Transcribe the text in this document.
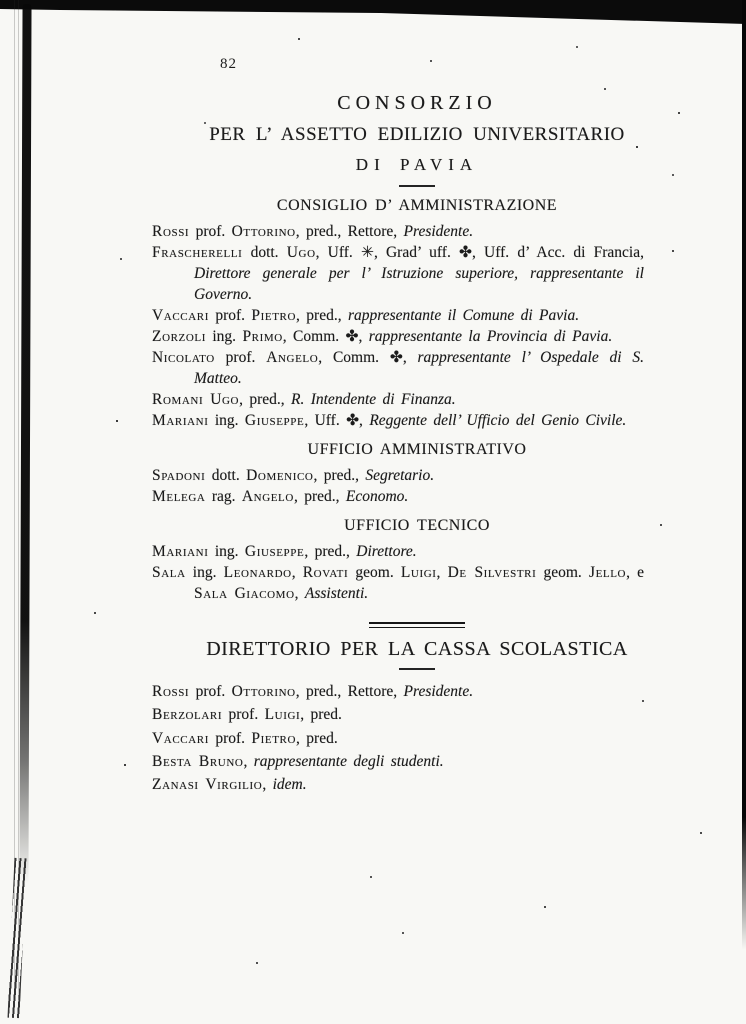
82
CONSORZIO
PER L’ ASSETTO EDILIZIO UNIVERSITARIO
DI PAVIA
CONSIGLIO D’ AMMINISTRAZIONE

Rossi prof. Ottorino, pred., Rettore, Presidente.

Frascherelli dott. Ugo, Uff. ✳, Grad’ uff. ✤, Uff. d’ Acc. di Francia, Direttore generale per l’ Istruzione superiore, rappresentante il Governo.

Vaccari prof. Pietro, pred., rappresentante il Comune di Pavia.

Zorzoli ing. Primo, Comm. ✤, rappresentante la Provincia di Pavia.

Nicolato prof. Angelo, Comm. ✤, rappresentante l’ Ospedale di S. Matteo.

Romani Ugo, pred., R. Intendente di Finanza.

Mariani ing. Giuseppe, Uff. ✤, Reggente dell’ Ufficio del Genio Civile.

UFFICIO AMMINISTRATIVO

Spadoni dott. Domenico, pred., Segretario.

Melega rag. Angelo, pred., Economo.

UFFICIO TECNICO

Mariani ing. Giuseppe, pred., Direttore.

Sala ing. Leonardo, Rovati geom. Luigi, De Silvestri geom. Jello, e Sala Giacomo, Assistenti.

DIRETTORIO PER LA CASSA SCOLASTICA

Rossi prof. Ottorino, pred., Rettore, Presidente.

Berzolari prof. Luigi, pred.

Vaccari prof. Pietro, pred.

Besta Bruno, rappresentante degli studenti.

Zanasi Virgilio, idem.
